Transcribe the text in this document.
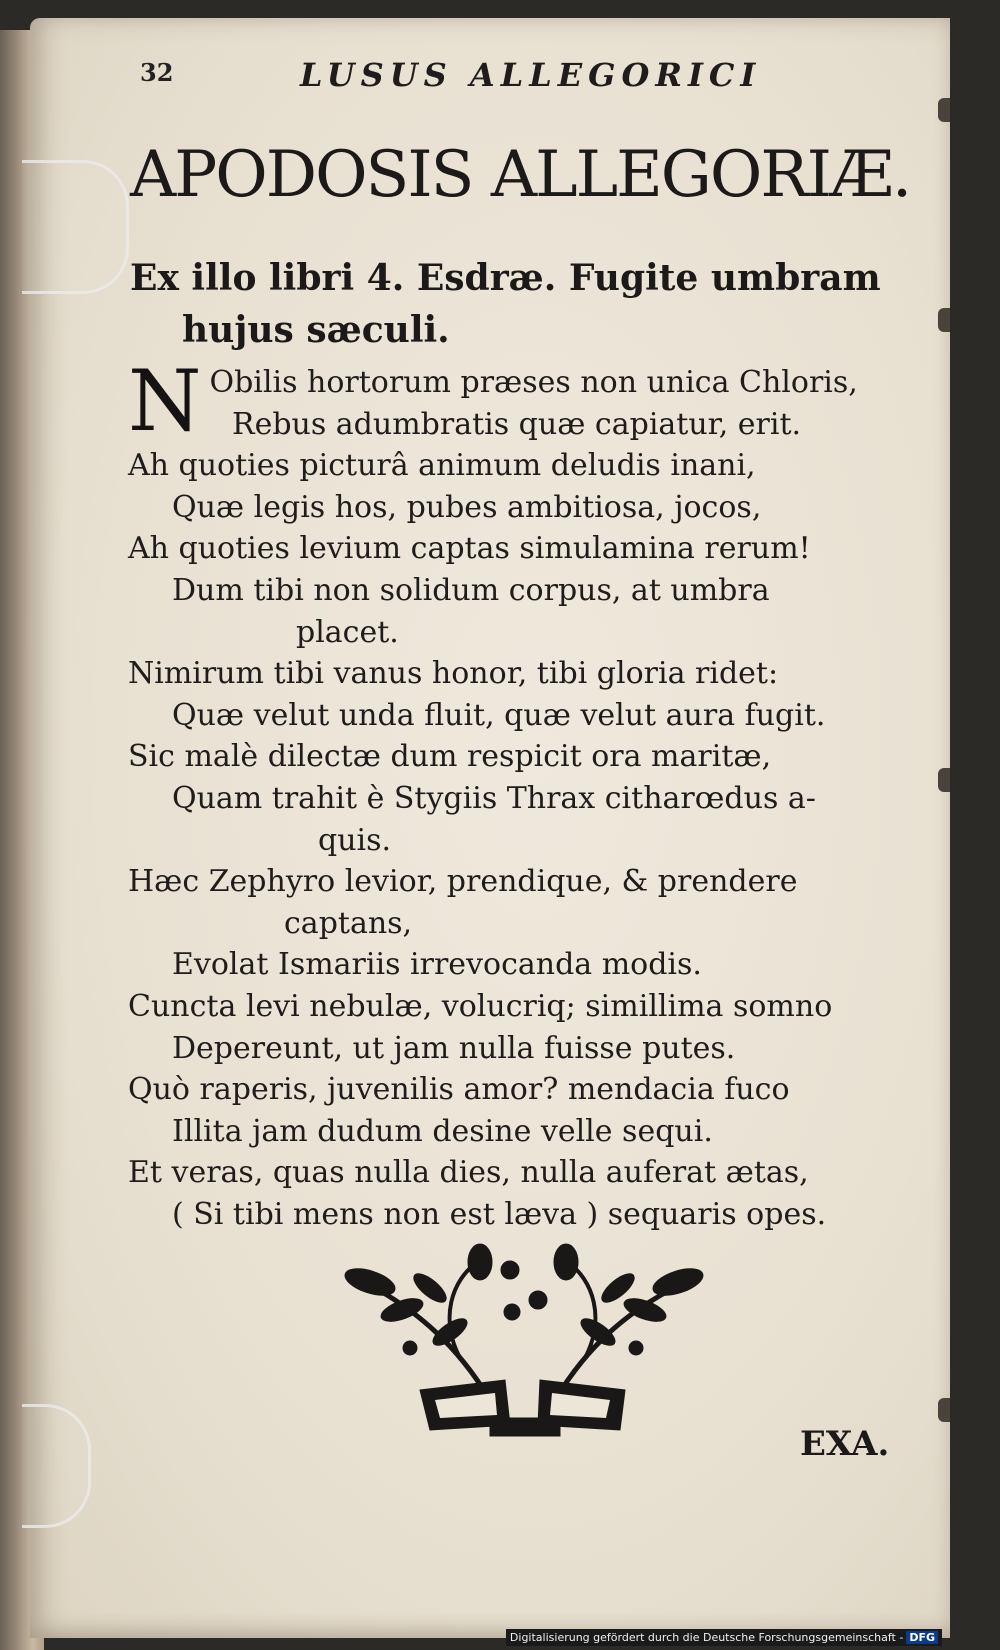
32	LUSUS ALLEGORICI
APODOSIS ALLEGORIÆ.
Ex illo libri 4. Esdræ. Fugite umbram hujus sæculi.
N Obilis hortorum præses non unica Chloris,
Rebus adumbratis quæ capiatur, erit.
Ah quoties picturâ animum deludis inani,
Quæ legis hos, pubes ambitiosa, jocos,
Ah quoties levium captas simulamina rerum!
Dum tibi non solidum corpus, at umbra
placet.
Nimirum tibi vanus honor, tibi gloria ridet:
Quæ velut unda fluit, quæ velut aura fugit.
Sic malè dilectæ dum respicit ora maritæ,
Quam trahit è Stygiis Thrax citharœdus a-
quis.
Hæc Zephyro levior, prendique, & prendere
captans,
Evolat Ismariis irrevocanda modis.
Cuncta levi nebulæ, volucriq; simillima somno
Depereunt, ut jam nulla fuisse putes.
Quò raperis, juvenilis amor? mendacia fuco
Illita jam dudum desine velle sequi.
Et veras, quas nulla dies, nulla auferat ætas,
( Si tibi mens non est læva ) sequaris opes.
EXA.
Digitalisierung gefördert durch die Deutsche Forschungsgemeinschaft - DFG
